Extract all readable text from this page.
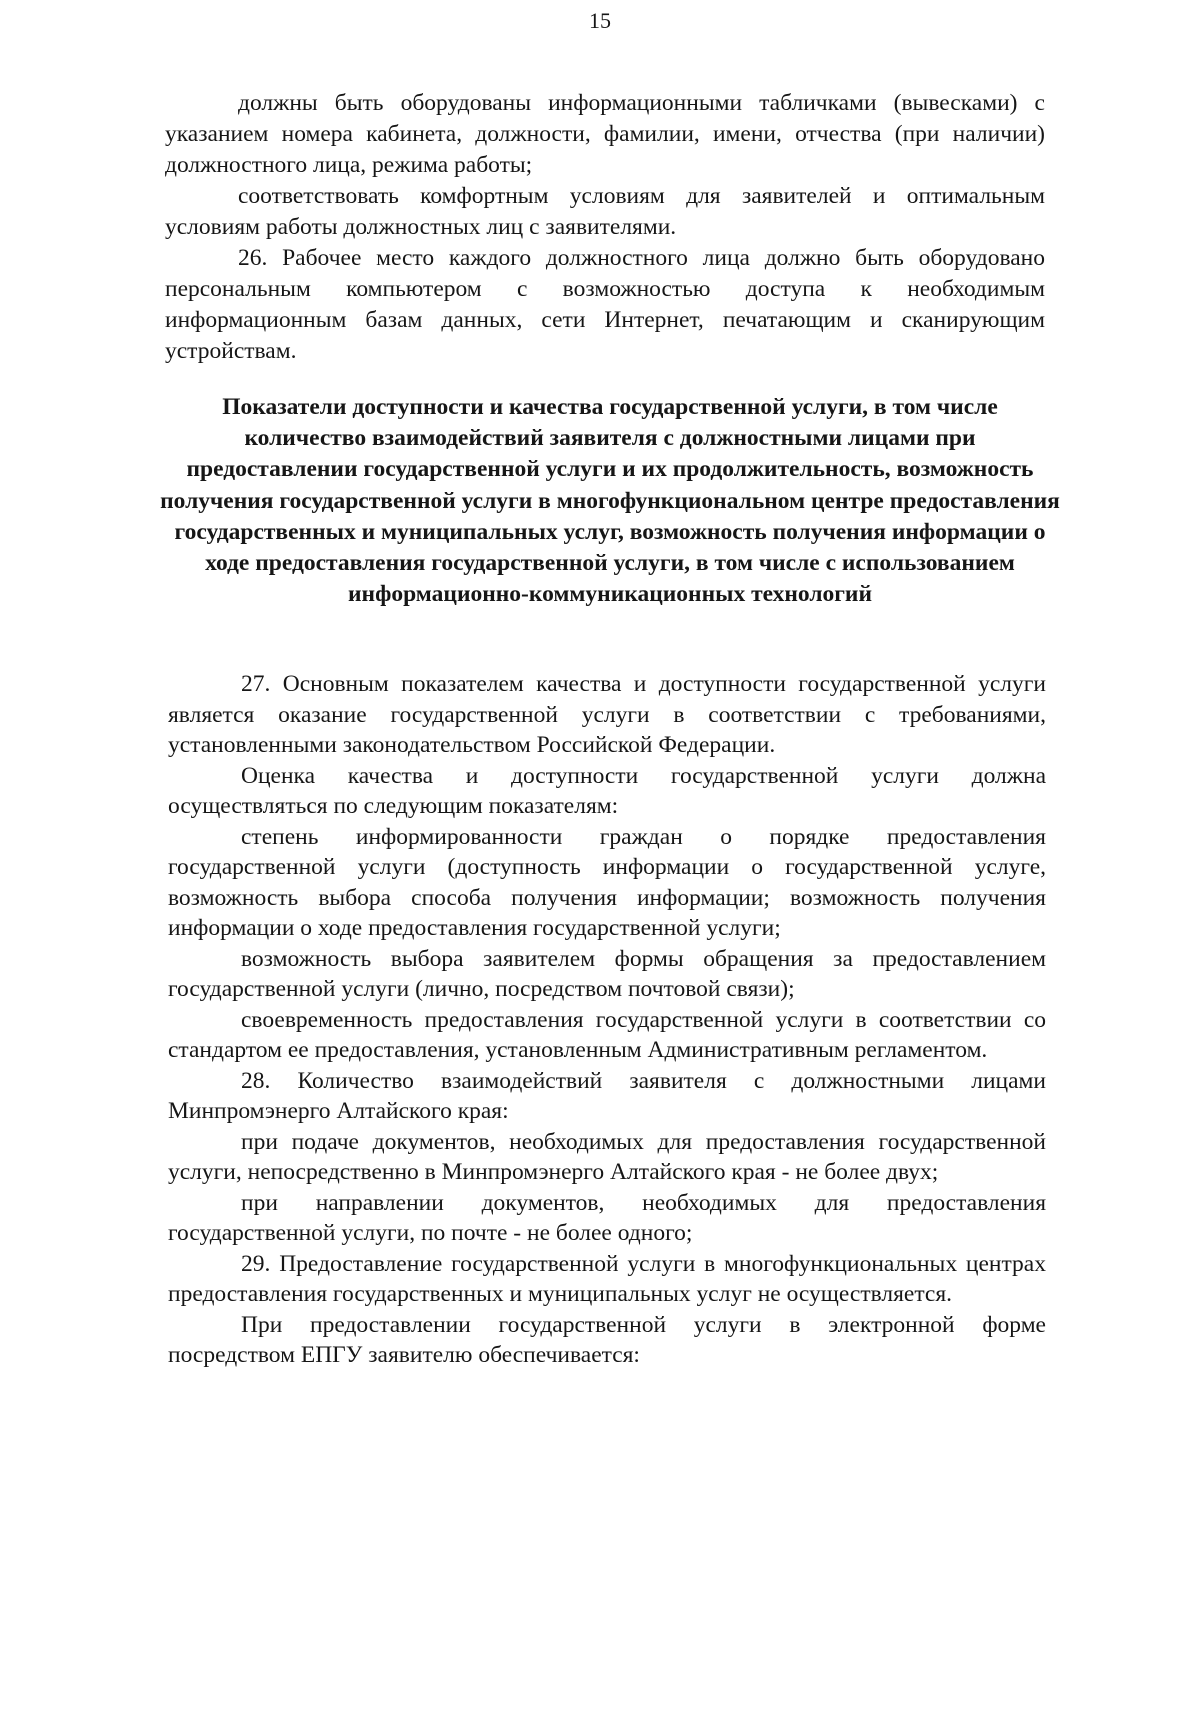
15

должны быть оборудованы информационными табличками (вывесками) с указанием номера кабинета, должности, фамилии, имени, отчества (при наличии) должностного лица, режима работы;

соответствовать комфортным условиям для заявителей и оптимальным условиям работы должностных лиц с заявителями.

26. Рабочее место каждого должностного лица должно быть оборудовано персональным компьютером с возможностью доступа к необходимым информационным базам данных, сети Интернет, печатающим и сканирующим устройствам.

Показатели доступности и качества государственной услуги, в том числе количество взаимодействий заявителя с должностными лицами при предоставлении государственной услуги и их продолжительность, возможность получения государственной услуги в многофункциональном центре предоставления государственных и муниципальных услуг, возможность получения информации о ходе предоставления государственной услуги, в том числе с использованием информационно-коммуникационных технологий

27. Основным показателем качества и доступности государственной услуги является оказание государственной услуги в соответствии с требованиями, установленными законодательством Российской Федерации.

Оценка качества и доступности государственной услуги должна осуществляться по следующим показателям:

степень информированности граждан о порядке предоставления государственной услуги (доступность информации о государственной услуге, возможность выбора способа получения информации; возможность получения информации о ходе предоставления государственной услуги;

возможность выбора заявителем формы обращения за предоставлением государственной услуги (лично, посредством почтовой связи);

своевременность предоставления государственной услуги в соответствии со стандартом ее предоставления, установленным Административным регламентом.

28. Количество взаимодействий заявителя с должностными лицами Минпромэнерго Алтайского края:

при подаче документов, необходимых для предоставления государственной услуги, непосредственно в Минпромэнерго Алтайского края - не более двух;

при направлении документов, необходимых для предоставления государственной услуги, по почте - не более одного;

29. Предоставление государственной услуги в многофункциональных центрах предоставления государственных и муниципальных услуг не осуществляется.

При предоставлении государственной услуги в электронной форме посредством ЕПГУ заявителю обеспечивается:
